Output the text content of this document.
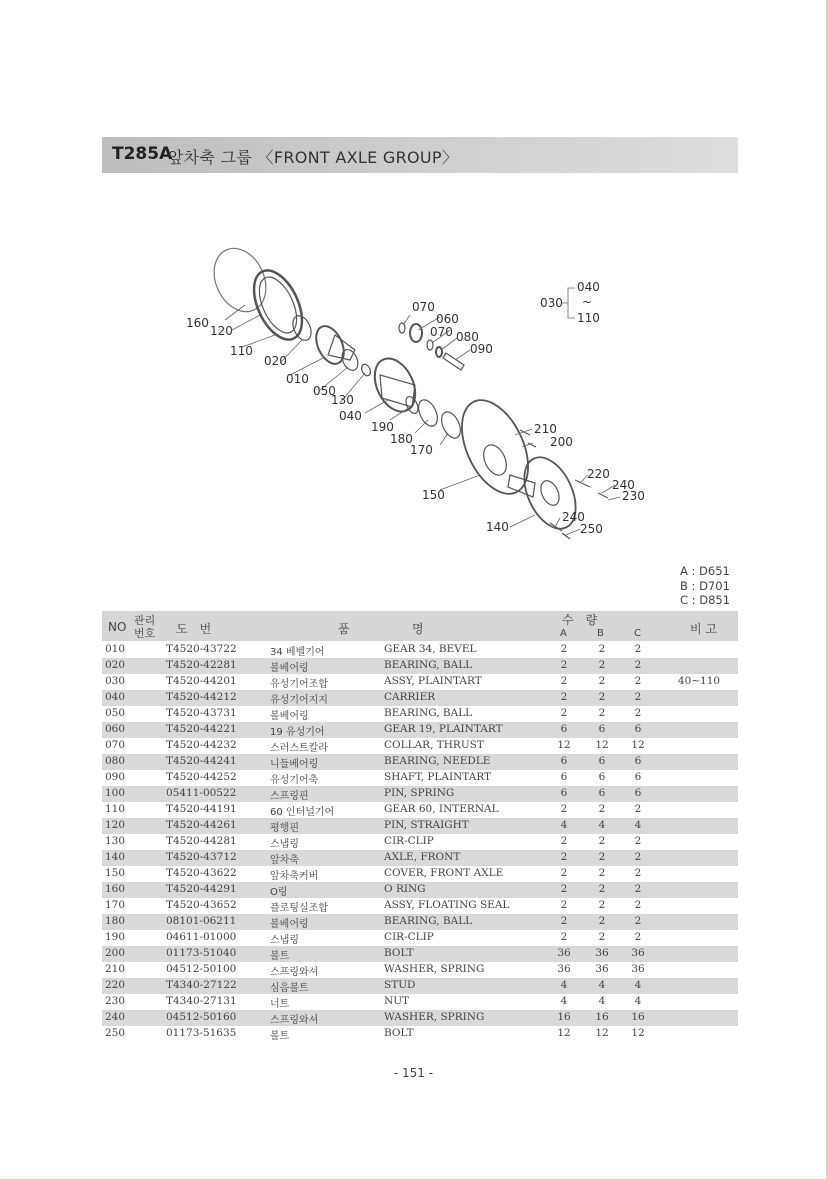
T285A
앞차축 그룹 〈FRONT AXLE GROUP〉
160
120
110
020
010
050
130
040
070
060
070 080
090
190
180
170
210
200
150
220
240
230
240
250
140
030
040
~
110
A : D651
B : D701
C : D851
NO 관리
번호 도　번	품	명
수　량
A	B	C	비 고
010	T4520-43722	34 베벨기어	GEAR 34, BEVEL	2	2	2
020	T4520-42281	볼베어링	BEARING, BALL	2	2	2
030	T4520-44201	유성기어조합	ASSY, PLAINTART	2	2	2	40~110
040	T4520-44212	유성기어지지	CARRIER	2	2	2
050	T4520-43731	볼베어링	BEARING, BALL	2	2	2
060	T4520-44221	19 유성기어	GEAR 19, PLAINTART	6	6	6
070	T4520-44232	스러스트칼라	COLLAR, THRUST	12	12	12
080	T4520-44241	니들베어링	BEARING, NEEDLE	6	6	6
090	T4520-44252	유성기어축	SHAFT, PLAINTART	6	6	6
100	05411-00522	스프링핀	PIN, SPRING	6	6	6
110	T4520-44191	60 인터널기어	GEAR 60, INTERNAL	2	2	2
120	T4520-44261	평행핀	PIN, STRAIGHT	4	4	4
130	T4520-44281	스냅링	CIR-CLIP	2	2	2
140	T4520-43712	앞차축	AXLE, FRONT	2	2	2
150	T4520-43622	앞차축커버	COVER, FRONT AXLE	2	2	2
160	T4520-44291	O링	O RING	2	2	2
170	T4520-43652	플로팅실조합	ASSY, FLOATING SEAL	2	2	2
180	08101-06211	볼베어링	BEARING, BALL	2	2	2
190	04611-01000	스냅링	CIR-CLIP	2	2	2
200	01173-51040	볼트	BOLT	36	36	36
210	04512-50100	스프링와셔	WASHER, SPRING	36	36	36
220	T4340-27122	심음볼트	STUD	4	4	4
230	T4340-27131	너트	NUT	4	4	4
240	04512-50160	스프링와셔	WASHER, SPRING	16	16	16
250	01173-51635	볼트	BOLT	12	12	12
- 151 -
